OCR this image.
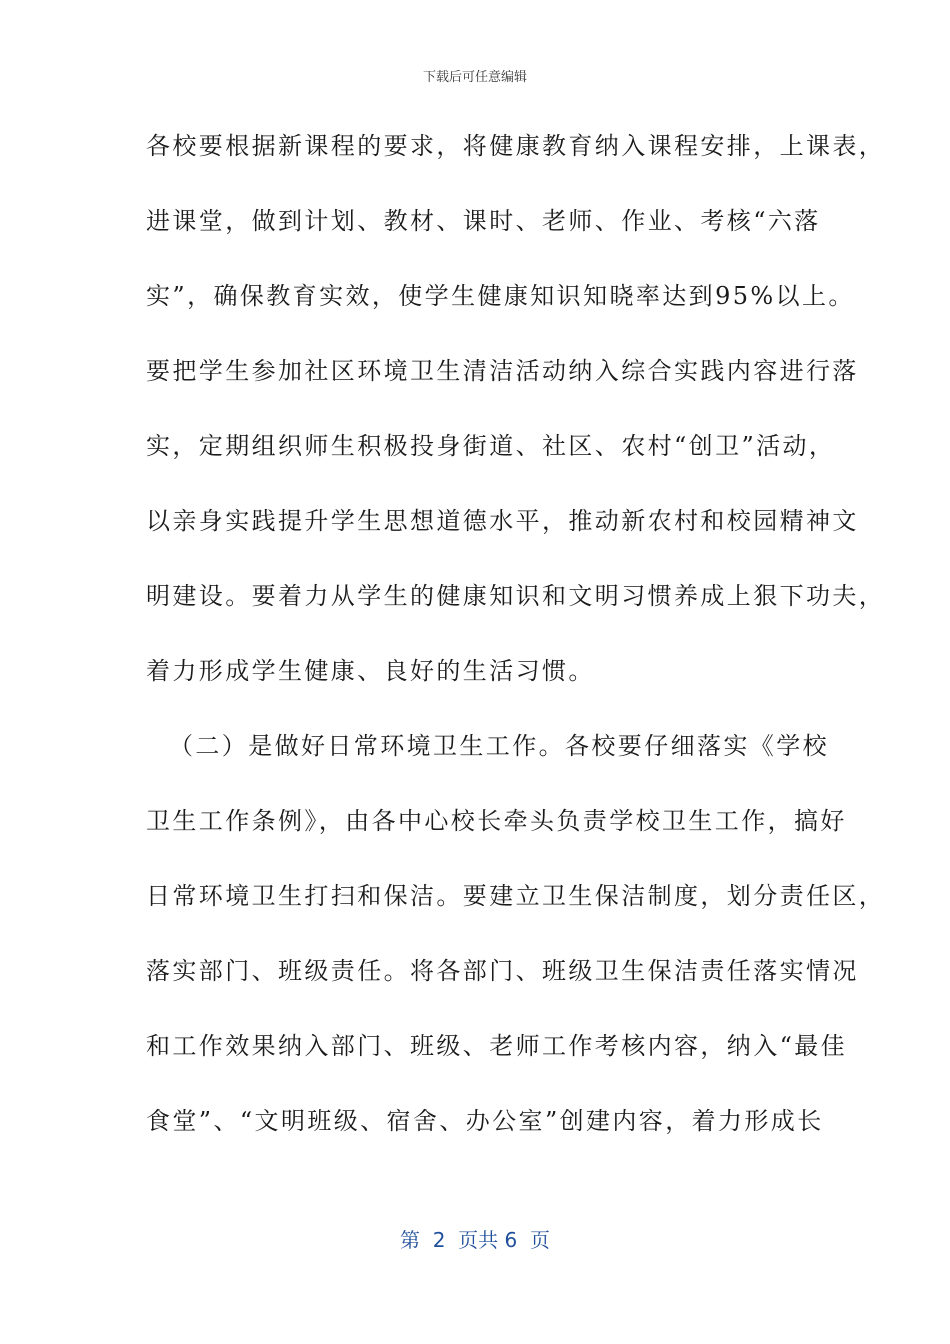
下载后可任意编辑
各校要根据新课程的要求，将健康教育纳入课程安排，上课表，
进课堂，做到计划、教材、课时、老师、作业、考核“六落
实”，确保教育实效，使学生健康知识知晓率达到95%以上。
要把学生参加社区环境卫生清洁活动纳入综合实践内容进行落
实，定期组织师生积极投身街道、社区、农村“创卫”活动，
以亲身实践提升学生思想道德水平，推动新农村和校园精神文
明建设。要着力从学生的健康知识和文明习惯养成上狠下功夫，
着力形成学生健康、良好的生活习惯。
（二）是做好日常环境卫生工作。各校要仔细落实《学校
卫生工作条例》，由各中心校长牵头负责学校卫生工作，搞好
日常环境卫生打扫和保洁。要建立卫生保洁制度，划分责任区，
落实部门、班级责任。将各部门、班级卫生保洁责任落实情况
和工作效果纳入部门、班级、老师工作考核内容，纳入“最佳
食堂”、“文明班级、宿舍、办公室”创建内容，着力形成长
第  2  页共 6  页
